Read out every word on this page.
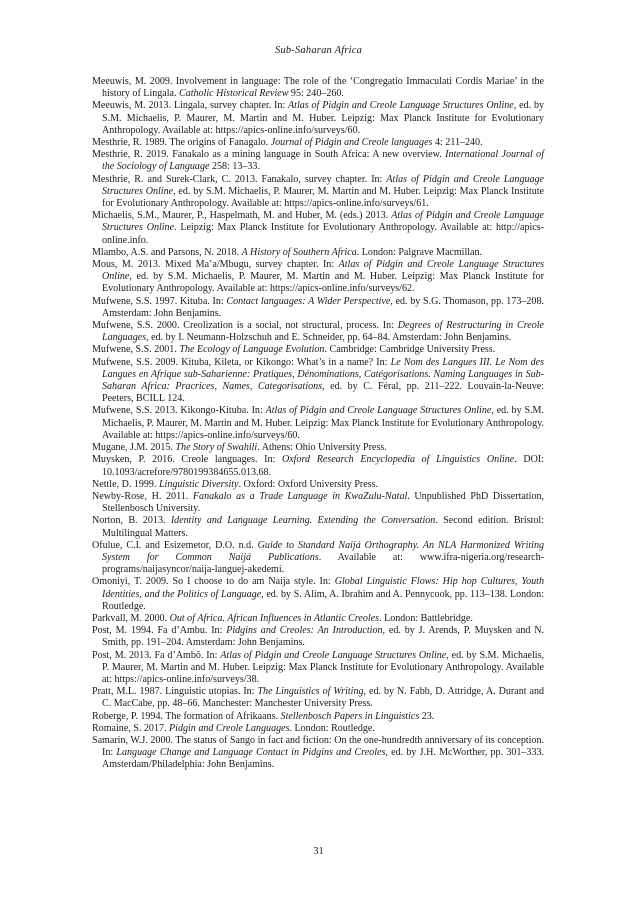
Sub-Saharan Africa

Meeuwis, M. 2009. Involvement in language: The role of the ‘Congregatio Immaculati Cordis Mariae’ in the history of Lingala. Catholic Historical Review 95: 240–260.

Meeuwis, M. 2013. Lingala, survey chapter. In: Atlas of Pidgin and Creole Language Structures Online, ed. by S.M. Michaelis, P. Maurer, M. Martin and M. Huber. Leipzig: Max Planck Institute for Evolutionary Anthropology. Available at: https://apics-online.info/surveys/60.

Mesthrie, R. 1989. The origins of Fanagalo. Journal of Pidgin and Creole languages 4: 211–240.

Mesthrie, R. 2019. Fanakalo as a mining language in South Africa: A new overview. International Journal of the Sociology of Language 258: 13–33.

Mesthrie, R. and Surek-Clark, C. 2013. Fanakalo, survey chapter. In: Atlas of Pidgin and Creole Language Structures Online, ed. by S.M. Michaelis, P. Maurer, M. Martin and M. Huber. Leipzig: Max Planck Institute for Evolutionary Anthropology. Available at: https://apics-online.info/surveys/61.

Michaelis, S.M., Maurer, P., Haspelmath, M. and Huber, M. (eds.) 2013. Atlas of Pidgin and Creole Language Structures Online. Leipzig: Max Planck Institute for Evolutionary Anthropology. Available at: http://apics-online.info.

Mlambo, A.S. and Parsons, N. 2018. A History of Southern Africa. London: Palgrave Macmillan.

Mous, M. 2013. Mixed Ma’a/Mbugu, survey chapter. In: Atlas of Pidgin and Creole Language Structures Online, ed. by S.M. Michaelis, P. Maurer, M. Martin and M. Huber. Leipzig: Max Planck Institute for Evolutionary Anthropology. Available at: https://apics-online.info/surveys/62.

Mufwene, S.S. 1997. Kituba. In: Contact languages: A Wider Perspective, ed. by S.G. Thomason, pp. 173–208. Amsterdam: John Benjamins.

Mufwene, S.S. 2000. Creolization is a social, not structural, process. In: Degrees of Restructuring in Creole Languages, ed. by I. Neumann-Holzschuh and E. Schneider, pp. 64–84. Amsterdam: John Benjamins.

Mufwene, S.S. 2001. The Ecology of Language Evolution. Cambridge: Cambridge University Press.

Mufwene, S.S. 2009. Kituba, Kileta, or Kikongo: What’s in a name? In: Le Nom des Langues III. Le Nom des Langues en Afrique sub-Saharienne: Pratiques, Dénominations, Catégorisations. Naming Languages in Sub-Saharan Africa: Pracrices, Names, Categorisations, ed. by C. Féral, pp. 211–222. Louvain-la-Neuve: Peeters, BCILL 124.

Mufwene, S.S. 2013. Kikongo-Kituba. In: Atlas of Pidgin and Creole Language Structures Online, ed. by S.M. Michaelis, P. Maurer, M. Martin and M. Huber. Leipzig: Max Planck Institute for Evolutionary Anthropology. Available at: https://apics-online.info/surveys/60.

Mugane, J.M. 2015. The Story of Swahili. Athens: Ohio University Press.

Muysken, P. 2016. Creole languages. In: Oxford Research Encyclopedia of Linguistics Online. DOI: 10.1093/acrefore/9780199384655.013.68.

Nettle, D. 1999. Linguistic Diversity. Oxford: Oxford University Press.

Newby-Rose, H. 2011. Fanakalo as a Trade Language in KwaZulu-Natal. Unpublished PhD Dissertation, Stellenbosch University.

Norton, B. 2013. Identity and Language Learning. Extending the Conversation. Second edition. Bristol: Multilingual Matters.

Ofulue, C.I. and Esizemetor, D.O. n.d. Guide to Standard Naijá Orthography. An NLA Harmonized Writing System for Common Naijá Publications. Available at: www.ifra-nigeria.org/research-programs/naijasyncor/naija-languej-akedemi.

Omoniyi, T. 2009. So I choose to do am Naija style. In: Global Linguistic Flows: Hip hop Cultures, Youth Identities, and the Politics of Language, ed. by S. Alim, A. Ibrahim and A. Pennycook, pp. 113–138. London: Routledge.

Parkvall, M. 2000. Out of Africa. African Influences in Atlantic Creoles. London: Battlebridge.

Post, M. 1994. Fa d’Ambu. In: Pidgins and Creoles: An Introduction, ed. by J. Arends, P. Muysken and N. Smith, pp. 191–204. Amsterdam: John Benjamins.

Post, M. 2013. Fa d’Ambô. In: Atlas of Pidgin and Creole Language Structures Online, ed. by S.M. Michaelis, P. Maurer, M. Martin and M. Huber. Leipzig: Max Planck Institute for Evolutionary Anthropology. Available at: https://apics-online.info/surveys/38.

Pratt, M.L. 1987. Linguistic utopias. In: The Linguistics of Writing, ed. by N. Fabb, D. Attridge, A. Durant and C. MacCabe, pp. 48–66. Manchester: Manchester University Press.

Roberge, P. 1994. The formation of Afrikaans. Stellenbosch Papers in Linguistics 23.

Romaine, S. 2017. Pidgin and Creole Languages. London: Routledge.

Samarin, W.J. 2000. The status of Sango in fact and fiction: On the one-hundredth anniversary of its conception. In: Language Change and Language Contact in Pidgins and Creoles, ed. by J.H. McWorther, pp. 301–333. Amsterdam/Philadelphia: John Benjamins.

31
